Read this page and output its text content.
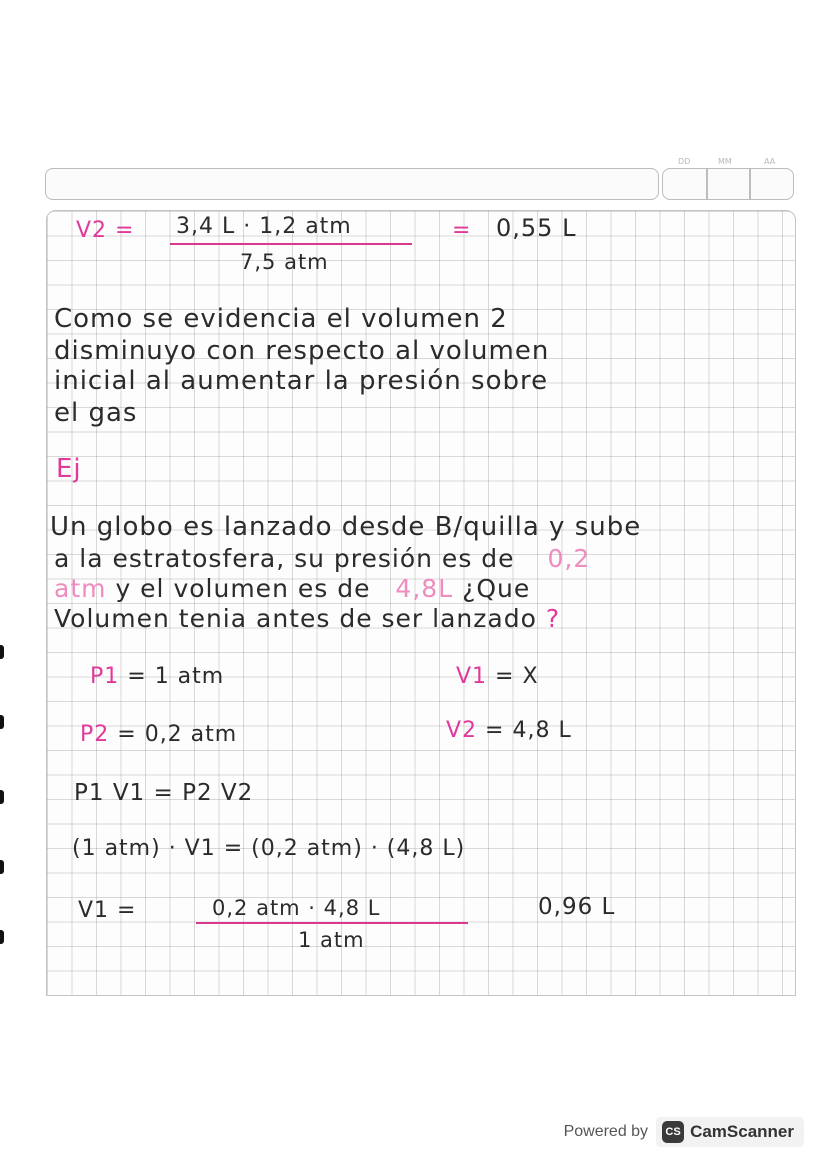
DD	MM	AA
V2 = 3,4 L · 1,2 atm	= 0,55 L
7,5 atm
Como se evidencia el volumen 2
disminuyo con respecto al volumen
inicial al aumentar la presión sobre
el gas
Ej
Un globo es lanzado desde B/quilla y sube
a la estratosfera, su presión es de 0,2
atm y el volumen es de 4,8L ¿Que
Volumen tenia antes de ser lanzado ?
P1 = 1 atm	V1 = X
P2 = 0,2 atm	V2 = 4,8 L
P1 V1 = P2 V2
(1 atm) · V1 = (0,2 atm) · (4,8 L)
V1 =	0,2 atm · 4,8 L	0,96 L
1 atm
Powered by	CS CamScanner
